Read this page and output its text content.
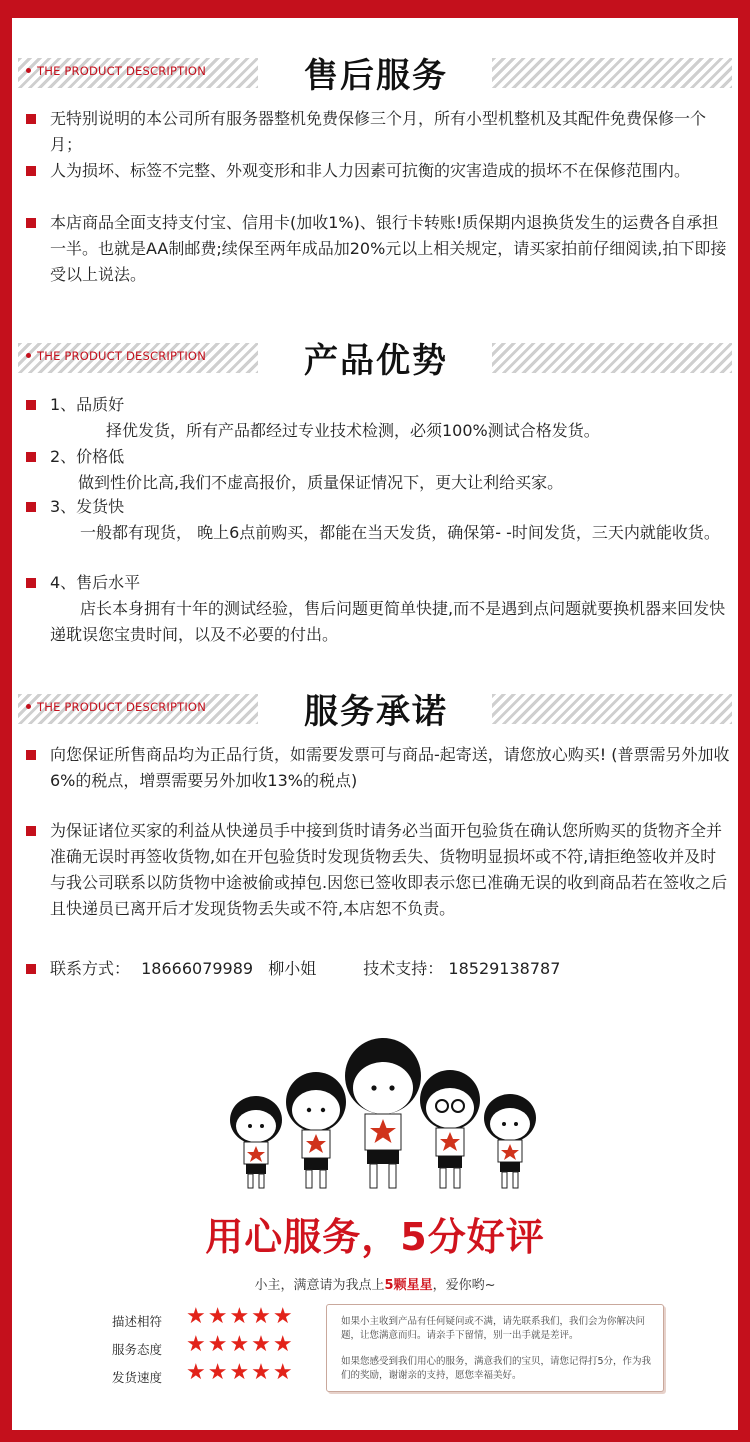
THE PRODUCT DESCRIPTION	售后服务
无特别说明的本公司所有服务器整机免费保修三个月，所有小型机整机及其配件免费保修一个月；
人为损坏、标签不完整、外观变形和非人力因素可抗衡的灾害造成的损坏不在保修范围内。
本店商品全面支持支付宝、信用卡(加收1%)、银行卡转账!质保期内退换货发生的运费各自承担一半。也就是AA制邮费;续保至两年成品加20%元以上相关规定，请买家拍前仔细阅读,拍下即接受以上说法。
THE PRODUCT DESCRIPTION	产品优势
1、品质好
择优发货，所有产品都经过专业技术检测，必须100%测试合格发货。
2、价格低
做到性价比高,我们不虚高报价，质量保证情况下，更大让利给买家。
3、发货快
一般都有现货， 晚上6点前购买，都能在当天发货，确保第- -时间发货，三天内就能收货。
4、售后水平
店长本身拥有十年的测试经验，售后问题更简单快捷,而不是遇到点问题就要换机器来回发快递耽误您宝贵时间，以及不必要的付出。
THE PRODUCT DESCRIPTION	服务承诺
向您保证所售商品均为正品行货，如需要发票可与商品-起寄送，请您放心购买! (普票需另外加收6%的税点，增票需要另外加收13%的税点)
为保证诸位买家的利益从快递员手中接到货时请务必当面开包验货在确认您所购买的货物齐全并准确无误时再签收货物,如在开包验货时发现货物丢失、货物明显损坏或不符,请拒绝签收并及时与我公司联系以防货物中途被偷或掉包.因您已签收即表示您已准确无误的收到商品若在签收之后且快递员已离开后才发现货物丢失或不符,本店恕不负责。
联系方式： 18666079989 柳小姐	技术支持： 18529138787
用心服务，5分好评
小主，满意请为我点上5颗星星，爱你哟~
描述相符 ★★★★★
服务态度 ★★★★★
发货速度 ★★★★★

如果小主收到产品有任何疑问或不满，请先联系我们，我们会为你解决问题，让您满意而归。请亲手下留情，别一出手就是差评。

如果您感受到我们用心的服务，满意我们的宝贝，请您记得打5分，作为我们的奖励，谢谢亲的支持，愿您幸福美好。
